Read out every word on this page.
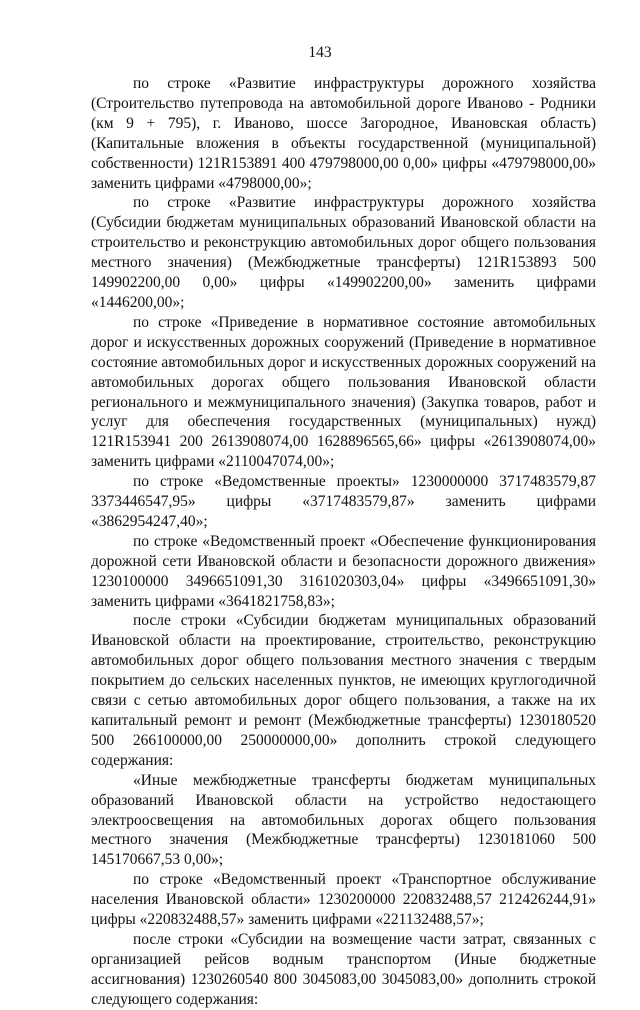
143

по строке «Развитие инфраструктуры дорожного хозяйства (Строительство путепровода на автомобильной дороге Иваново - Родники (км 9 + 795), г. Иваново, шоссе Загородное, Ивановская область) (Капитальные вложения в объекты государственной (муниципальной) собственности) 121R153891 400 479798000,00 0,00» цифры «479798000,00» заменить цифрами «4798000,00»;

по строке «Развитие инфраструктуры дорожного хозяйства (Субсидии бюджетам муниципальных образований Ивановской области на строительство и реконструкцию автомобильных дорог общего пользования местного значения) (Межбюджетные трансферты) 121R153893 500 149902200,00 0,00» цифры «149902200,00» заменить цифрами «1446200,00»;

по строке «Приведение в нормативное состояние автомобильных дорог и искусственных дорожных сооружений (Приведение в нормативное состояние автомобильных дорог и искусственных дорожных сооружений на автомобильных дорогах общего пользования Ивановской области регионального и межмуниципального значения) (Закупка товаров, работ и услуг для обеспечения государственных (муниципальных) нужд) 121R153941 200 2613908074,00 1628896565,66» цифры «2613908074,00» заменить цифрами «2110047074,00»;

по строке «Ведомственные проекты» 1230000000 3717483579,87 3373446547,95» цифры «3717483579,87» заменить цифрами «3862954247,40»;

по строке «Ведомственный проект «Обеспечение функционирования дорожной сети Ивановской области и безопасности дорожного движения» 1230100000 3496651091,30 3161020303,04» цифры «3496651091,30» заменить цифрами «3641821758,83»;

после строки «Субсидии бюджетам муниципальных образований Ивановской области на проектирование, строительство, реконструкцию автомобильных дорог общего пользования местного значения с твердым покрытием до сельских населенных пунктов, не имеющих круглогодичной связи с сетью автомобильных дорог общего пользования, а также на их капитальный ремонт и ремонт (Межбюджетные трансферты) 1230180520 500 266100000,00 250000000,00» дополнить строкой следующего содержания:

«Иные межбюджетные трансферты бюджетам муниципальных образований Ивановской области на устройство недостающего электроосвещения на автомобильных дорогах общего пользования местного значения (Межбюджетные трансферты) 1230181060 500 145170667,53 0,00»;

по строке «Ведомственный проект «Транспортное обслуживание населения Ивановской области» 1230200000 220832488,57 212426244,91» цифры «220832488,57» заменить цифрами «221132488,57»;

после строки «Субсидии на возмещение части затрат, связанных с организацией рейсов водным транспортом (Иные бюджетные ассигнования) 1230260540 800 3045083,00 3045083,00» дополнить строкой следующего содержания:
